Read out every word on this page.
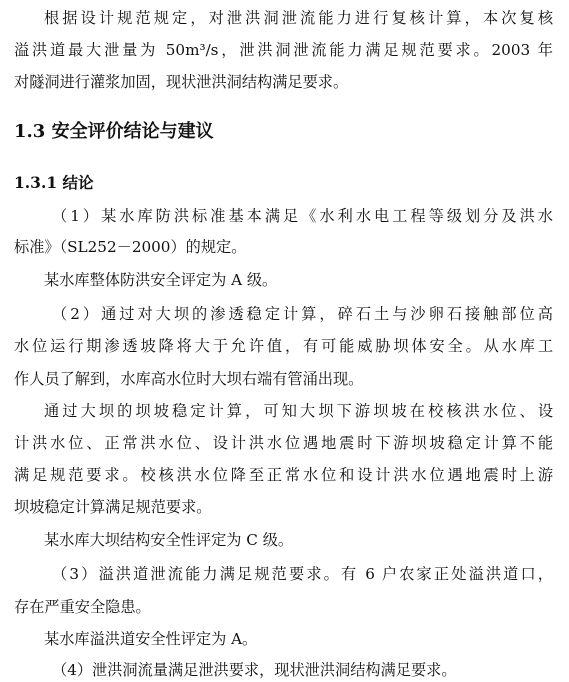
根据设计规范规定，对泄洪洞泄流能力进行复核计算，本次复核
溢洪道最大泄量为 50m³/s，泄洪洞泄流能力满足规范要求。2003 年
对隧洞进行灌浆加固，现状泄洪洞结构满足要求。
1.3 安全评价结论与建议
1.3.1 结论
（1）某水库防洪标准基本满足《水利水电工程等级划分及洪水
标准》（SL252－2000）的规定。
某水库整体防洪安全评定为 A 级。
（2）通过对大坝的渗透稳定计算，碎石土与沙卵石接触部位高
水位运行期渗透坡降将大于允许值，有可能威胁坝体安全。从水库工
作人员了解到，水库高水位时大坝右端有管涌出现。
通过大坝的坝坡稳定计算，可知大坝下游坝坡在校核洪水位、设
计洪水位、正常洪水位、设计洪水位遇地震时下游坝坡稳定计算不能
满足规范要求。校核洪水位降至正常水位和设计洪水位遇地震时上游
坝坡稳定计算满足规范要求。
某水库大坝结构安全性评定为 C 级。
（3）溢洪道泄流能力满足规范要求。有 6 户农家正处溢洪道口，
存在严重安全隐患。
某水库溢洪道安全性评定为 A。
（4）泄洪洞流量满足泄洪要求，现状泄洪洞结构满足要求。
